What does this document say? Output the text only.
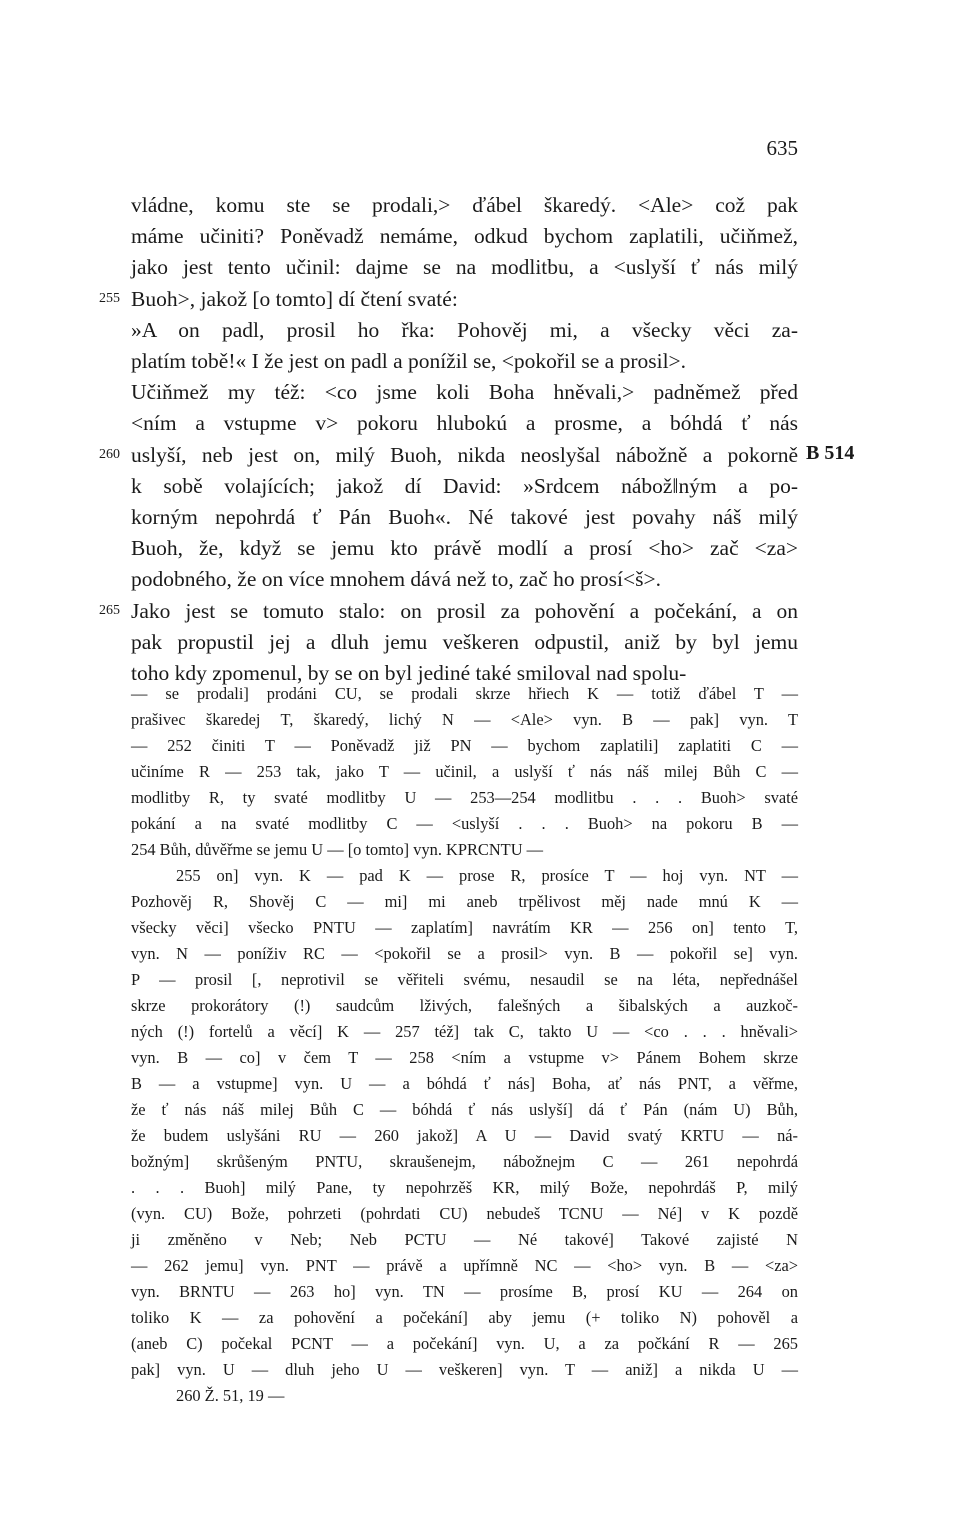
635
vládne, komu ste se prodali,> ďábel škaredý. <Ale> což pak
máme učiniti? Poněvadž nemáme, odkud bychom zaplatili, učiňmež,
jako jest tento učinil: dajme se na modlitbu, a <uslyší ť nás milý
255 Buoh>, jakož [o tomto] dí čtení svaté:
»A on padl, prosil ho řka: Pohověj mi, a všecky věci za-
platím tobě!« I že jest on padl a ponížil se, <pokořil se a prosil>.
Učiňmež my též: <co jsme koli Boha hněvali,> padněmež před
<ním a vstupme v> pokoru hlubokú a prosme, a bóhdá ť nás
260 uslyší, neb jest on, milý Buoh, nikda neoslyšal nábožně a pokorně
k sobě volajících; jakož dí David: »Srdcem nábož‖ným a po-
korným nepohrdá ť Pán Buoh«. Né takové jest povahy náš milý
Buoh, že, když se jemu kto právě modlí a prosí <ho> zač <za>
podobného, že on více mnohem dává než to, zač ho prosí<š>.
265 Jako jest se tomuto stalo: on prosil za pohovění a počekání, a on
pak propustil jej a dluh jemu veškeren odpustil, aniž by byl jemu
toho kdy zpomenul, by se on byl jediné také smiloval nad spolu-
B 514
— se prodali] prodáni CU, se prodali skrze hřiech K — totiž ďábel T —
prašivec škaredej T, škaredý, lichý N — <Ale> vyn. B — pak] vyn. T
— 252 činiti T — Poněvadž již PN — bychom zaplatili] zaplatiti C —
učiníme R — 253 tak, jako T — učinil, a uslyší ť nás náš milej Bůh C —
modlitby R, ty svaté modlitby U — 253—254 modlitbu . . . Buoh> svaté
pokání a na svaté modlitby C — <uslyší . . . Buoh> na pokoru B —
254 Bůh, důvěřme se jemu U — [o tomto] vyn. KPRCNTU —
255 on] vyn. K — pad K — prose R, prosíce T — hoj vyn. NT —
Pozhověj R, Shověj C — mi] mi aneb trpělivost měj nade mnú K —
všecky věci] všecko PNTU — zaplatím] navrátím KR — 256 on] tento T,
vyn. N — poníživ RC — <pokořil se a prosil> vyn. B — pokořil se] vyn.
P — prosil [, neprotivil se věřiteli svému, nesaudil se na léta, nepřednášel
skrze prokorátory (!) saudcům lživých, falešných a šibalských a auzkoč-
ných (!) fortelů a věcí] K — 257 též] tak C, takto U — <co . . . hněvali>
vyn. B — co] v čem T — 258 <ním a vstupme v> Pánem Bohem skrze
B — a vstupme] vyn. U — a bóhdá ť nás] Boha, ať nás PNT, a věřme,
že ť nás náš milej Bůh C — bóhdá ť nás uslyší] dá ť Pán (nám U) Bůh,
že budem uslyšáni RU — 260 jakož] A U — David svatý KRTU — ná-
božným] skrůšeným PNTU, skraušenejm, nábožnejm C — 261 nepohrdá
. . . Buoh] milý Pane, ty nepohrzěš KR, milý Bože, nepohrdáš P, milý
(vyn. CU) Bože, pohrzeti (pohrdati CU) nebudeš TCNU — Né] v K pozdě
ji změněno v Neb; Neb PCTU — Né takové] Takové zajisté N
— 262 jemu] vyn. PNT — právě a upřímně NC — <ho> vyn. B — <za>
vyn. BRNTU — 263 ho] vyn. TN — prosíme B, prosí KU — 264 on
toliko K — za pohovění a počekání] aby jemu (+ toliko N) pohověl a
(aneb C) počekal PCNT — a počekání] vyn. U, a za počkání R — 265
pak] vyn. U — dluh jeho U — veškeren] vyn. T — aniž] a nikda U —
260 Ž. 51, 19 —
